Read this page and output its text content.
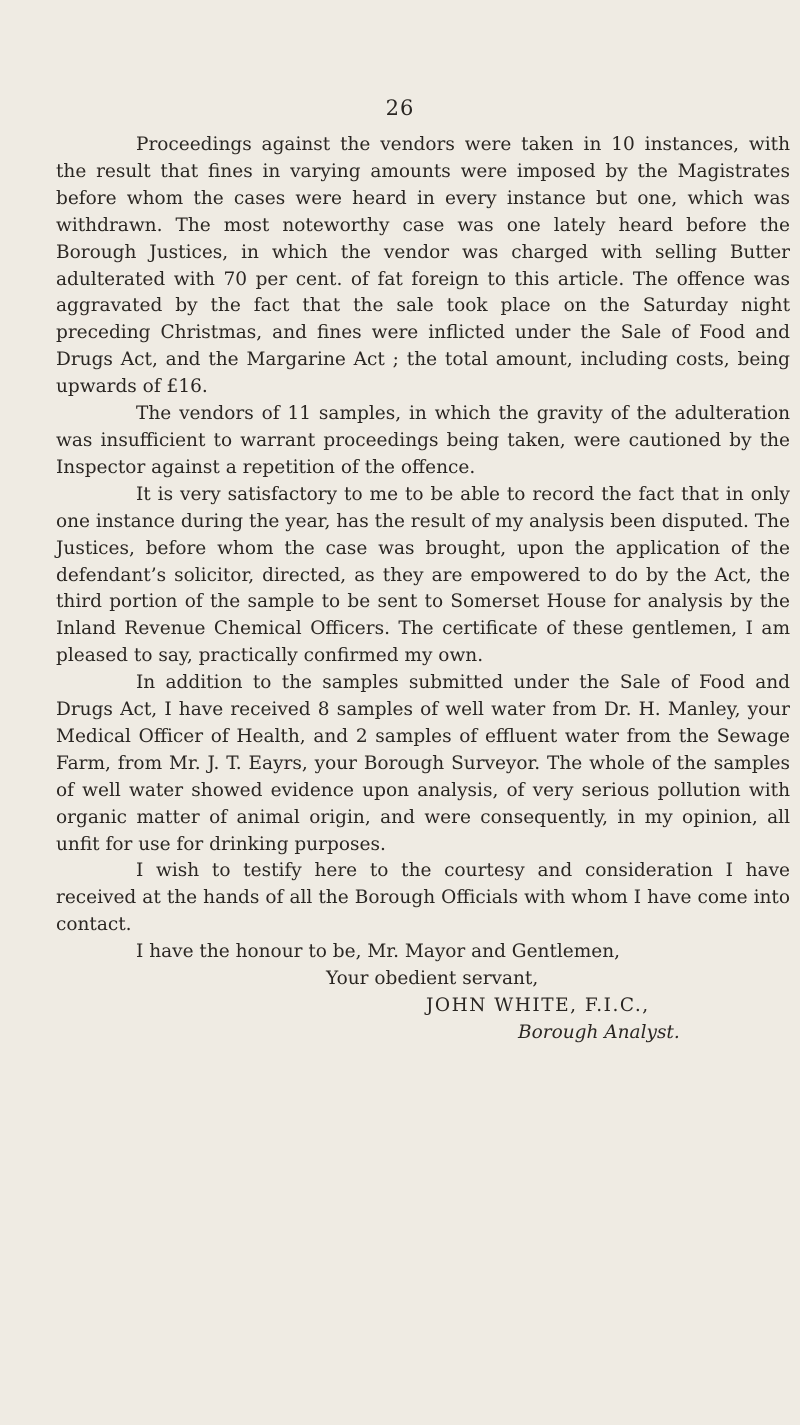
26

Proceedings against the vendors were taken in 10 instances, with the result that fines in varying amounts were imposed by the Magistrates before whom the cases were heard in every instance but one, which was withdrawn. The most noteworthy case was one lately heard before the Borough Justices, in which the vendor was charged with selling Butter adulterated with 70 per cent. of fat foreign to this article. The offence was aggravated by the fact that the sale took place on the Saturday night preceding Christmas, and fines were inflicted under the Sale of Food and Drugs Act, and the Margarine Act ; the total amount, including costs, being upwards of £16.

The vendors of 11 samples, in which the gravity of the adulteration was insufficient to warrant proceedings being taken, were cautioned by the Inspector against a repetition of the offence.

It is very satisfactory to me to be able to record the fact that in only one instance during the year, has the result of my analysis been disputed. The Justices, before whom the case was brought, upon the application of the defendant’s solicitor, directed, as they are empowered to do by the Act, the third portion of the sample to be sent to Somerset House for analysis by the Inland Revenue Chemical Officers. The certificate of these gentlemen, I am pleased to say, practically confirmed my own.

In addition to the samples submitted under the Sale of Food and Drugs Act, I have received 8 samples of well water from Dr. H. Manley, your Medical Officer of Health, and 2 samples of effluent water from the Sewage Farm, from Mr. J. T. Eayrs, your Borough Surveyor. The whole of the samples of well water showed evidence upon analysis, of very serious pollution with organic matter of animal origin, and were consequently, in my opinion, all unfit for use for drinking purposes.

I wish to testify here to the courtesy and consideration I have received at the hands of all the Borough Officials with whom I have come into contact.

I have the honour to be, Mr. Mayor and Gentlemen,

Your obedient servant,

JOHN WHITE, F.I.C.,

Borough Analyst.
